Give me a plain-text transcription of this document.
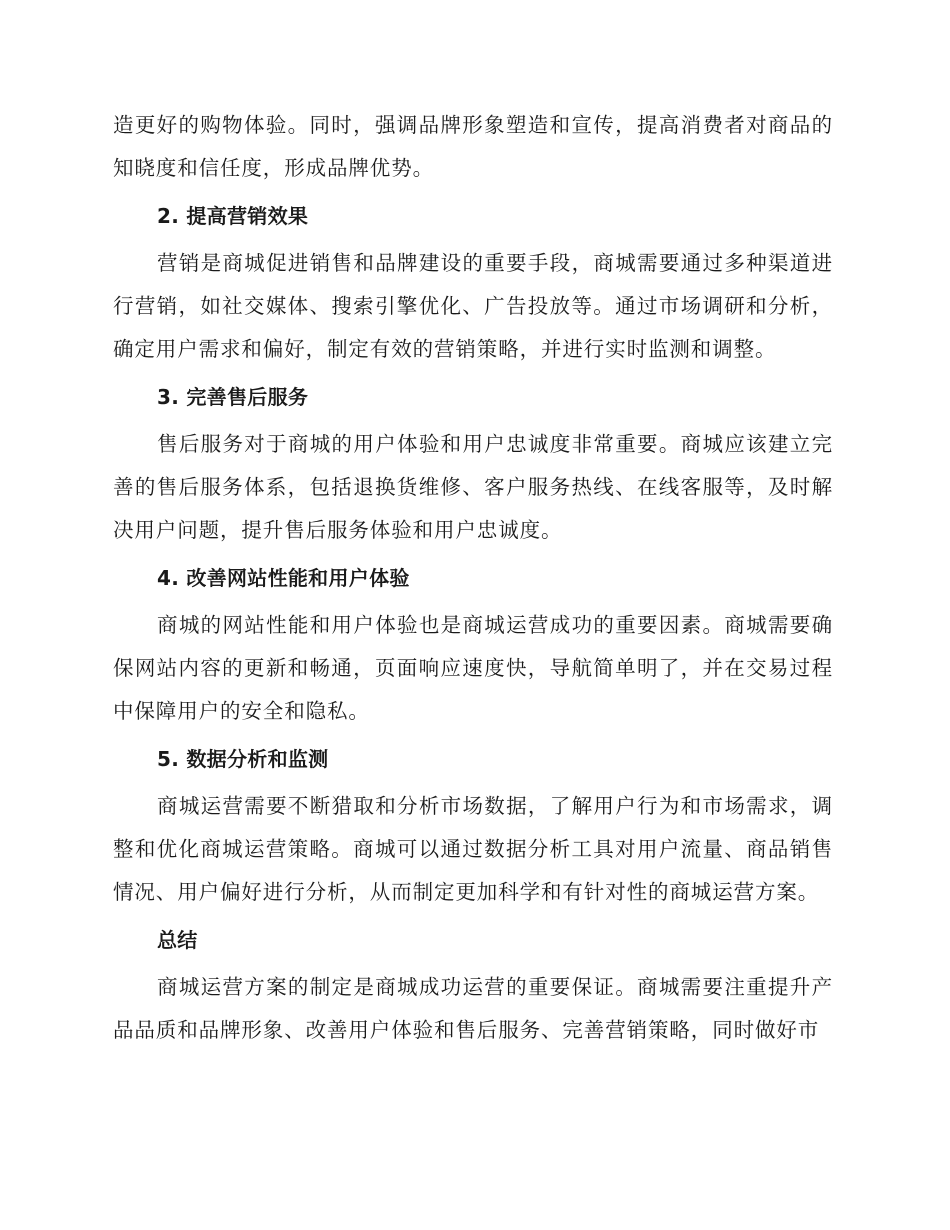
造更好的购物体验。同时，强调品牌形象塑造和宣传，提高消费者对商品的知晓度和信任度，形成品牌优势。

2. 提高营销效果

营销是商城促进销售和品牌建设的重要手段，商城需要通过多种渠道进行营销，如社交媒体、搜索引擎优化、广告投放等。通过市场调研和分析，确定用户需求和偏好，制定有效的营销策略，并进行实时监测和调整。

3. 完善售后服务

售后服务对于商城的用户体验和用户忠诚度非常重要。商城应该建立完善的售后服务体系，包括退换货维修、客户服务热线、在线客服等，及时解决用户问题，提升售后服务体验和用户忠诚度。

4. 改善网站性能和用户体验

商城的网站性能和用户体验也是商城运营成功的重要因素。商城需要确保网站内容的更新和畅通，页面响应速度快，导航简单明了，并在交易过程中保障用户的安全和隐私。

5. 数据分析和监测

商城运营需要不断猎取和分析市场数据，了解用户行为和市场需求，调整和优化商城运营策略。商城可以通过数据分析工具对用户流量、商品销售情况、用户偏好进行分析，从而制定更加科学和有针对性的商城运营方案。

总结

商城运营方案的制定是商城成功运营的重要保证。商城需要注重提升产品品质和品牌形象、改善用户体验和售后服务、完善营销策略，同时做好市
